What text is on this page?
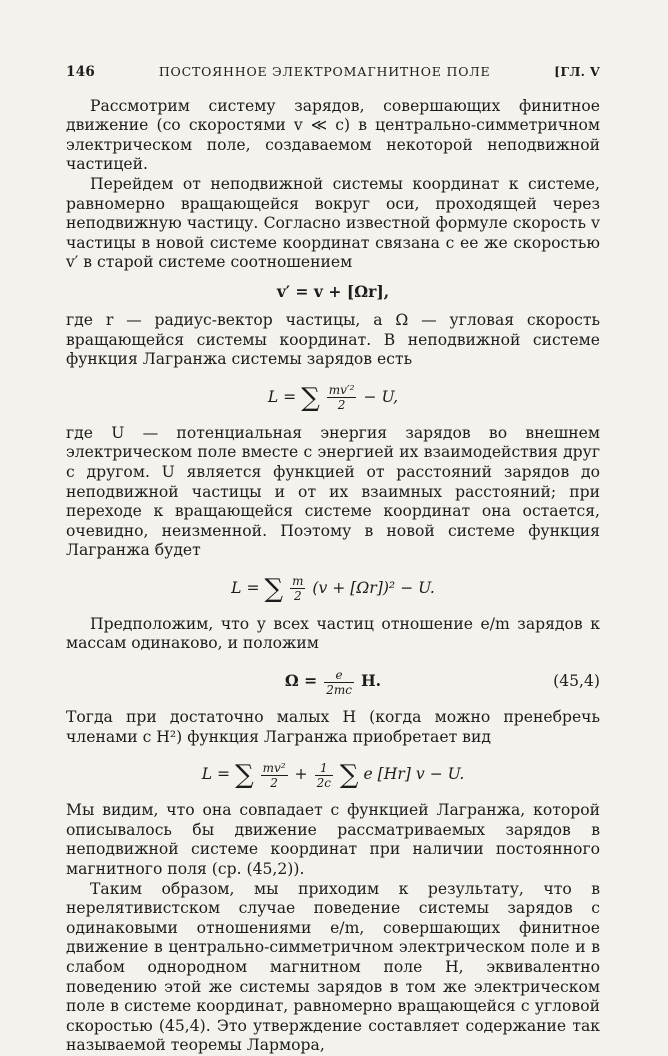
146	ПОСТОЯННОЕ ЭЛЕКТРОМАГНИТНОЕ ПОЛЕ	[ГЛ. V

Рассмотрим систему зарядов, совершающих финитное движение (со скоростями v ≪ c) в центрально-симметричном электрическом поле, создаваемом некоторой неподвижной частицей.

Перейдем от неподвижной системы координат к системе, равномерно вращающейся вокруг оси, проходящей через неподвижную частицу. Согласно известной формуле скорость v частицы в новой системе координат связана с ее же скоростью v′ в старой системе соотношением

v′ = v + [Ωr],

где r — радиус-вектор частицы, а Ω — угловая скорость вращающейся системы координат. В неподвижной системе функция Лагранжа системы зарядов есть

L = ∑ $\frac{\text{mv′²}}{2} - U$,

где U — потенциальная энергия зарядов во внешнем электрическом поле вместе с энергией их взаимодействия друг с другом. U является функцией от расстояний зарядов до неподвижной частицы и от их взаимных расстояний; при переходе к вращающейся системе координат она остается, очевидно, неизменной. Поэтому в новой системе функция Лагранжа будет

L = ∑ $\frac{m}{2} (v + [\Omega r])^2 - U$.

Предположим, что у всех частиц отношение e/m зарядов к массам одинаково, и положим

$\Omega = \frac{e}{2mc} H$.	(45,4)

Тогда при достаточно малых H (когда можно пренебречь членами с H²) функция Лагранжа приобретает вид

L = ∑ $\frac{\text{mv²}}{2} + \frac{1}{2c}$ ∑ e [Hr] v − U.

Мы видим, что она совпадает с функцией Лагранжа, которой описывалось бы движение рассматриваемых зарядов в неподвижной системе координат при наличии постоянного магнитного поля (ср. (45,2)).

Таким образом, мы приходим к результату, что в нерелятивистском случае поведение системы зарядов с одинаковыми отношениями e/m, совершающих финитное движение в центрально-симметричном электрическом поле и в слабом однородном магнитном поле H, эквивалентно поведению этой же системы зарядов в том же электрическом поле в системе координат, равномерно вращающейся с угловой скоростью (45,4). Это утверждение составляет содержание так называемой теоремы Лармора,
